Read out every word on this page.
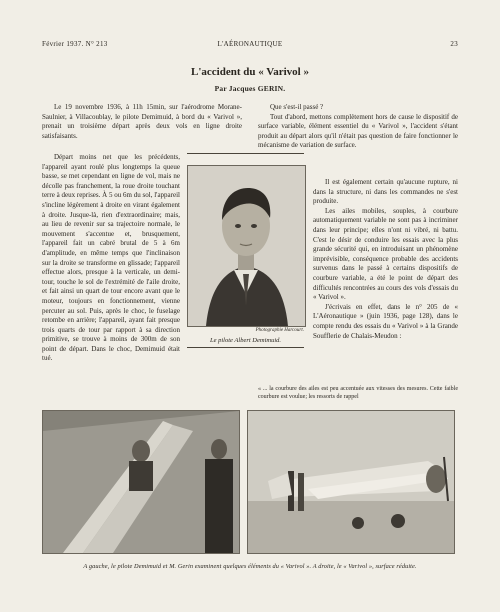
Février 1937. N° 213	L'AÉRONAUTIQUE	23
L'accident du « Varivol »
Par Jacques GERIN.

Le 19 novembre 1936, à 11h 15min, sur l'aérodrome Morane-Saulnier, à Villacoublay, le pilote Demimuid, à bord du « Varivol », prenait un troisième départ après deux vols en ligne droite satisfaisants.

Départ moins net que les précédents, l'appareil ayant roulé plus longtemps la queue basse, se met cependant en ligne de vol, mais ne décolle pas franchement, la roue droite touchant terre à deux reprises. À 5 ou 6m du sol, l'appareil s'incline légèrement à droite en virant également à droite. Jusque-là, rien d'extraordinaire; mais, au lieu de revenir sur sa trajectoire normale, le mouvement s'accentue et, brusquement, l'appareil fait un cabré brutal de 5 à 6m d'amplitude, en même temps que l'inclinaison sur la droite se transforme en glissade; l'appareil effectue alors, presque à la verticale, un demi-tour, touche le sol de l'extrémité de l'aile droite, et fait ainsi un quart de tour encore avant que le moteur, toujours en fonctionnement, vienne percuter au sol. Puis, après le choc, le fuselage retombe en arrière; l'appareil, ayant fait presque trois quarts de tour par rapport à sa direction primitive, se trouve à moins de 300m de son point de départ. Dans le choc, Demimuid était tué.

Photographie Harcourt.
Le pilote Albert Demimuid.

Que s'est-il passé ?

Tout d'abord, mettons complètement hors de cause le dispositif de surface variable, élément essentiel du « Varivol », l'accident s'étant produit au départ alors qu'il n'était pas question de faire fonctionner le mécanisme de variation de surface.

Il est également certain qu'aucune rupture, ni dans la structure, ni dans les commandes ne s'est produite.

Les ailes mobiles, souples, à courbure automatiquement variable ne sont pas à incriminer dans leur principe; elles n'ont ni vibré, ni battu. C'est le désir de conduire les essais avec la plus grande sécurité qui, en introduisant un phénomène imprévisible, conséquence probable des accidents survenus dans le passé à certains dispositifs de courbure variable, a été le point de départ des difficultés rencontrées au cours des vols d'essais du « Varivol ».

J'écrivais en effet, dans le n° 205 de « L'Aéronautique » (juin 1936, page 128), dans le compte rendu des essais du « Varivol » à la Grande Soufflerie de Chalais-Meudon :

« ... la courbure des ailes est peu accentuée aux vitesses des mesures. Cette faible courbure est voulue; les ressorts de rappel
A gauche, le pilote Demimuid et M. Gerin examinent quelques éléments du « Varivol ». A droite, le « Varivol », surface réduite.
